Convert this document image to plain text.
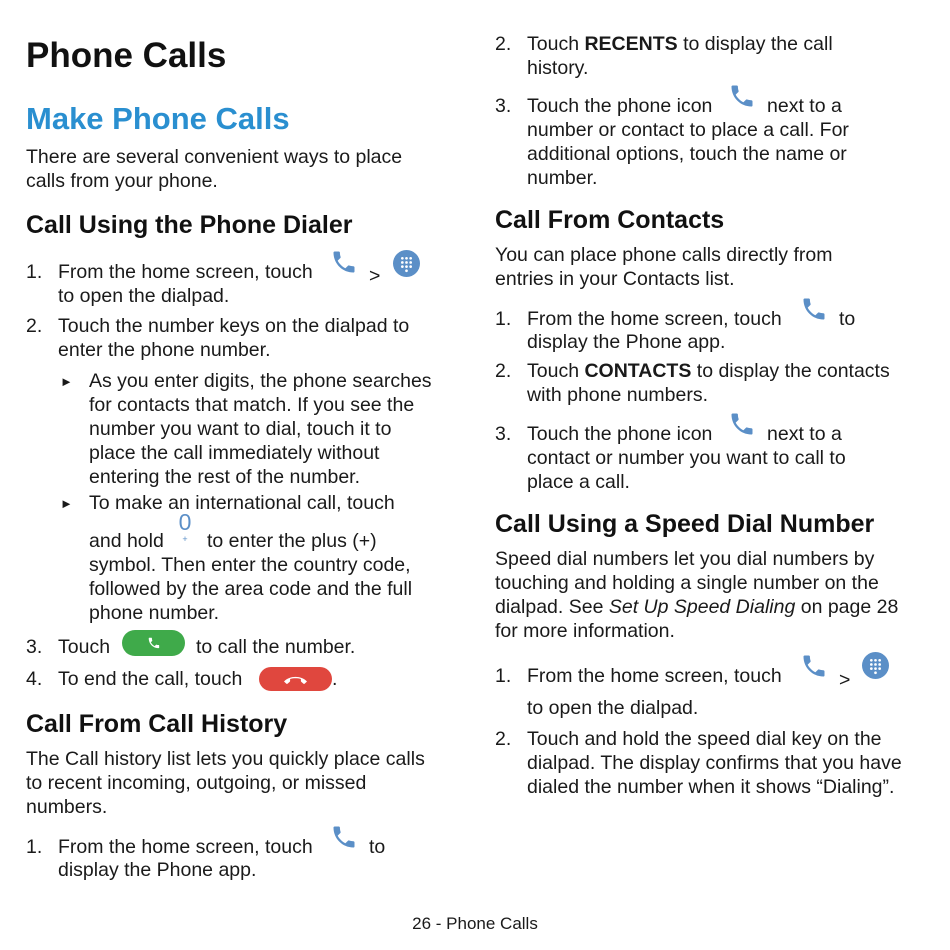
Phone Calls
Make Phone Calls

There are several convenient ways to place calls from your phone.

Call Using the Phone Dialer
1. From the home screen, touch	>
to open the dialpad.
2. Touch the number keys on the dialpad to enter the phone number.
► As you enter digits, the phone searches for contacts that match. If you see the number you want to dial, touch it to place the call immediately without entering the rest of the number.
► To make an international call, touch
and hold
0
+ to enter the plus (+) symbol. Then enter the country code, followed by the area code and the full phone number.
3. Touch	to call the number.
4. To end the call, touch	.
Call From Call History

The Call history list lets you quickly place calls to recent incoming, outgoing, or missed numbers.

1. From the home screen, touch	to
display the Phone app.
2. Touch RECENTS to display the call history.
3. Touch the phone icon	next to a
number or contact to place a call. For additional options, touch the name or number.
Call From Contacts

You can place phone calls directly from entries in your Contacts list.

1. From the home screen, touch	to
display the Phone app.
2. Touch CONTACTS to display the contacts with phone numbers.
3. Touch the phone icon	next to a
contact or number you want to call to place a call.
Call Using a Speed Dial Number

Speed dial numbers let you dial numbers by touching and holding a single number on the dialpad. See Set Up Speed Dialing on page 28 for more information.

1. From the home screen, touch	>
to open the dialpad.
2. Touch and hold the speed dial key on the dialpad. The display confirms that you have dialed the number when it shows “Dialing”.
26 - Phone Calls
